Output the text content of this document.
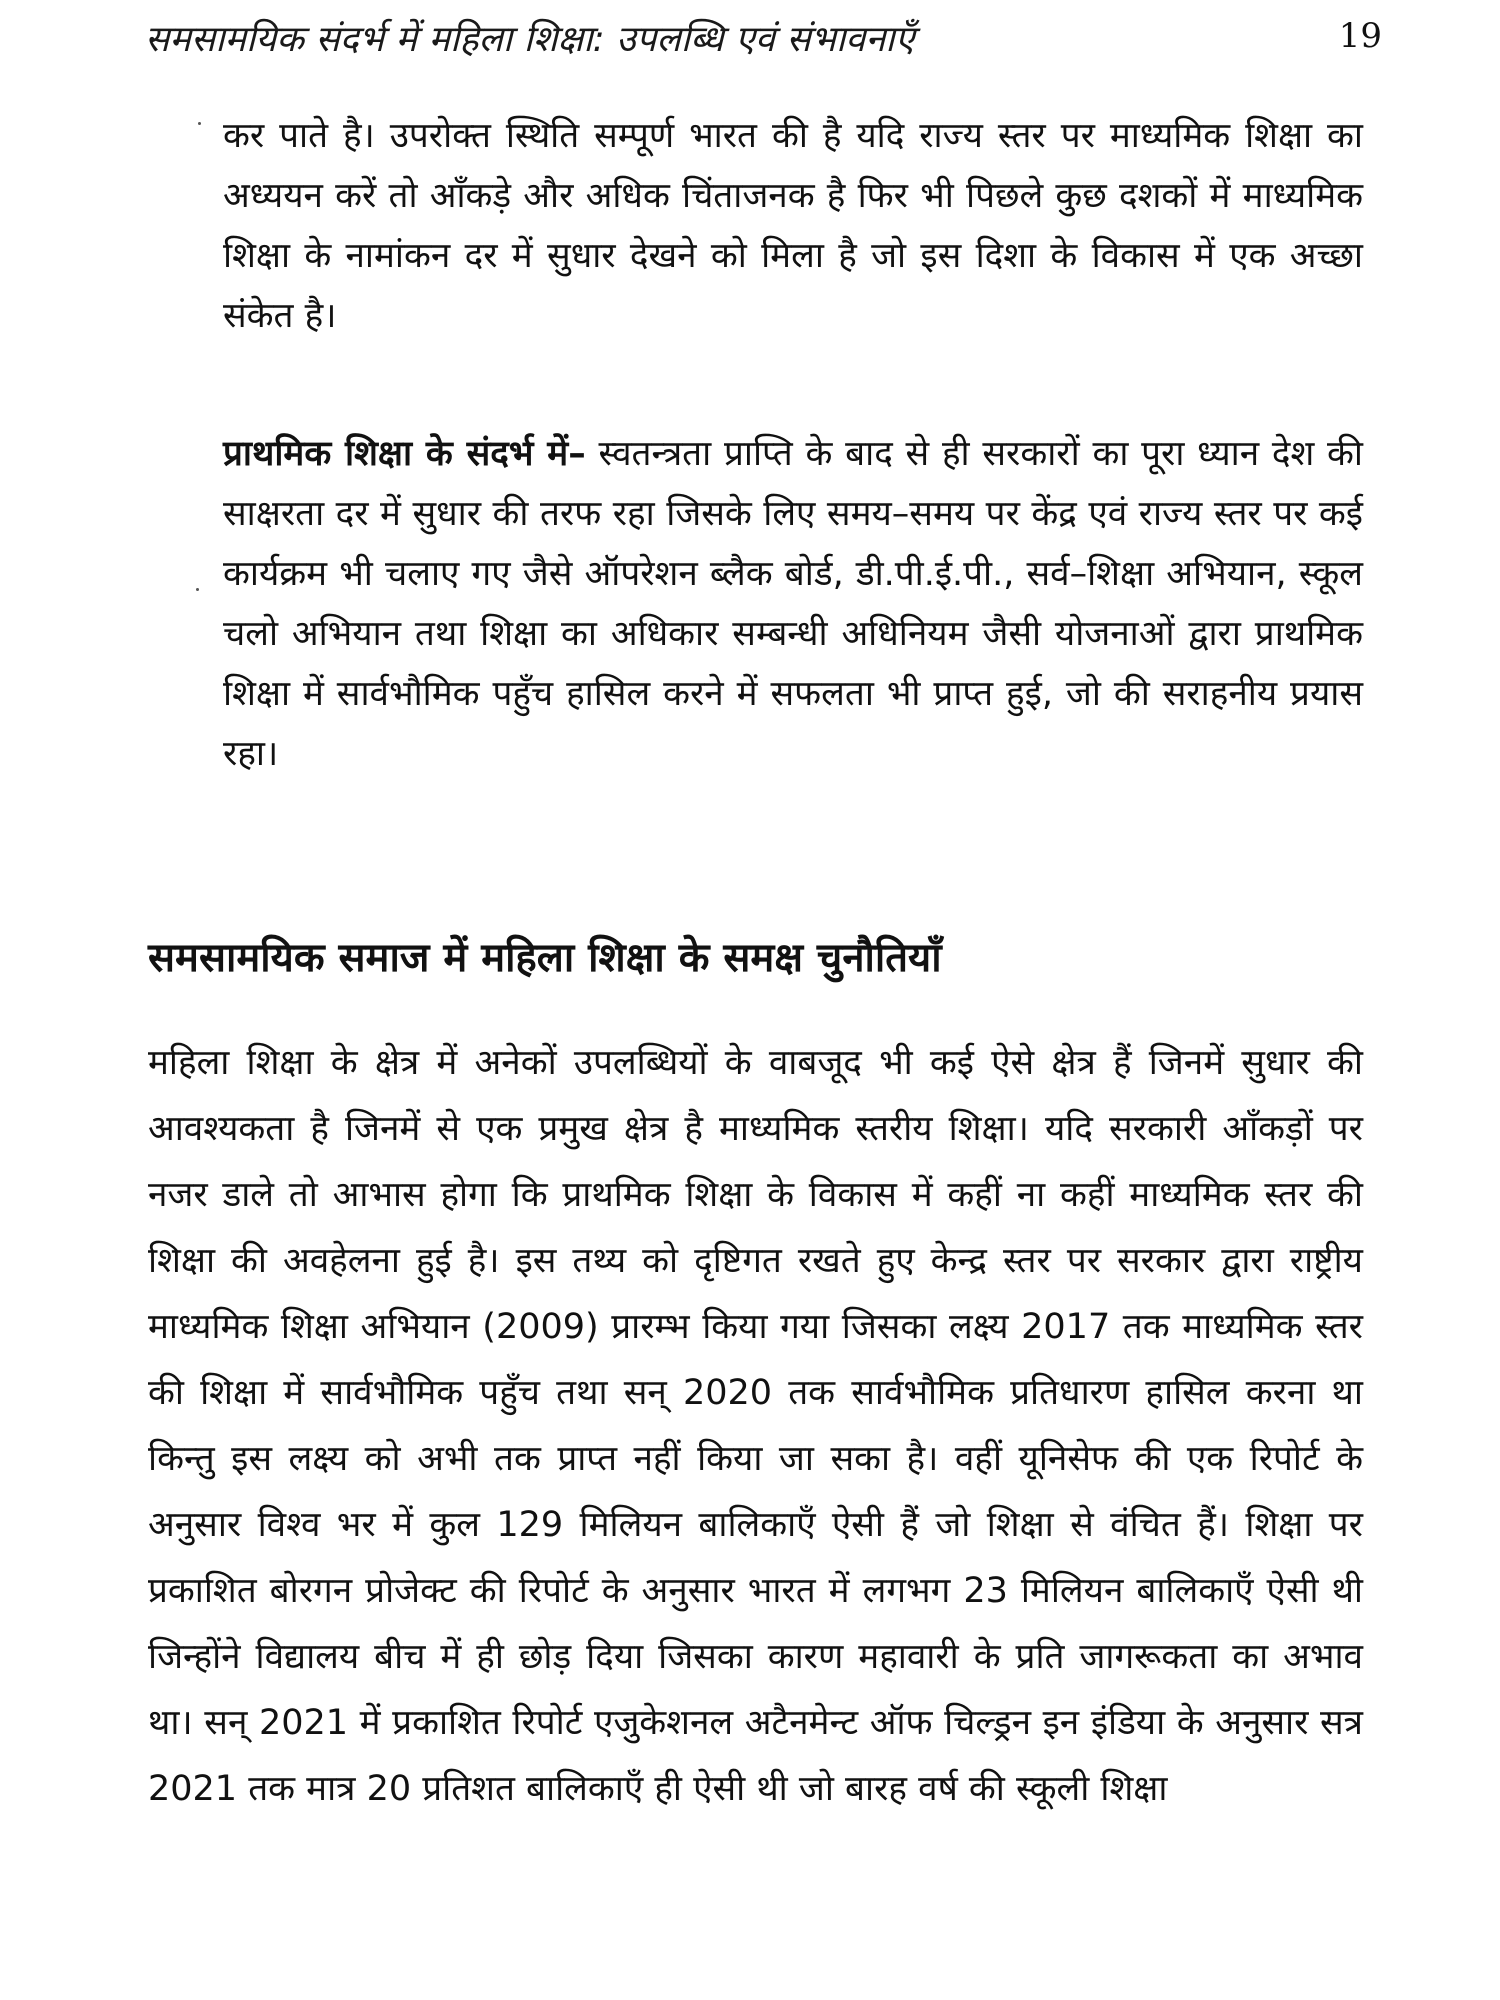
समसामयिक संदर्भ में महिला शिक्षा: उपलब्धि एवं संभावनाएँ	19

कर पाते है। उपरोक्त स्थिति सम्पूर्ण भारत की है यदि राज्य स्तर पर माध्यमिक शिक्षा का अध्ययन करें तो आँकड़े और अधिक चिंताजनक है फिर भी पिछले कुछ दशकों में माध्यमिक शिक्षा के नामांकन दर में सुधार देखने को मिला है जो इस दिशा के विकास में एक अच्छा संकेत है।

प्राथमिक शिक्षा के संदर्भ में– स्वतन्त्रता प्राप्ति के बाद से ही सरकारों का पूरा ध्यान देश की साक्षरता दर में सुधार की तरफ रहा जिसके लिए समय–समय पर केंद्र एवं राज्य स्तर पर कई कार्यक्रम भी चलाए गए जैसे ऑपरेशन ब्लैक बोर्ड, डी.पी.ई.पी., सर्व–शिक्षा अभियान, स्कूल चलो अभियान तथा शिक्षा का अधिकार सम्बन्धी अधिनियम जैसी योजनाओं द्वारा प्राथमिक शिक्षा में सार्वभौमिक पहुँच हासिल करने में सफलता भी प्राप्त हुई, जो की सराहनीय प्रयास रहा।

समसामयिक समाज में महिला शिक्षा के समक्ष चुनौतियाँ

महिला शिक्षा के क्षेत्र में अनेकों उपलब्धियों के वाबजूद भी कई ऐसे क्षेत्र हैं जिनमें सुधार की आवश्यकता है जिनमें से एक प्रमुख क्षेत्र है माध्यमिक स्तरीय शिक्षा। यदि सरकारी आँकड़ों पर नजर डाले तो आभास होगा कि प्राथमिक शिक्षा के विकास में कहीं ना कहीं माध्यमिक स्तर की शिक्षा की अवहेलना हुई है। इस तथ्य को दृष्टिगत रखते हुए केन्द्र स्तर पर सरकार द्वारा राष्ट्रीय माध्यमिक शिक्षा अभियान (2009) प्रारम्भ किया गया जिसका लक्ष्य 2017 तक माध्यमिक स्तर की शिक्षा में सार्वभौमिक पहुँच तथा सन् 2020 तक सार्वभौमिक प्रतिधारण हासिल करना था किन्तु इस लक्ष्य को अभी तक प्राप्त नहीं किया जा सका है। वहीं यूनिसेफ की एक रिपोर्ट के अनुसार विश्व भर में कुल 129 मिलियन बालिकाएँ ऐसी हैं जो शिक्षा से वंचित हैं। शिक्षा पर प्रकाशित बोरगन प्रोजेक्ट की रिपोर्ट के अनुसार भारत में लगभग 23 मिलियन बालिकाएँ ऐसी थी जिन्होंने विद्यालय बीच में ही छोड़ दिया जिसका कारण महावारी के प्रति जागरूकता का अभाव था। सन् 2021 में प्रकाशित रिपोर्ट एजुकेशनल अटैनमेन्ट ऑफ चिल्ड्रन इन इंडिया के अनुसार सत्र 2021 तक मात्र 20 प्रतिशत बालिकाएँ ही ऐसी थी जो बारह वर्ष की स्कूली शिक्षा
